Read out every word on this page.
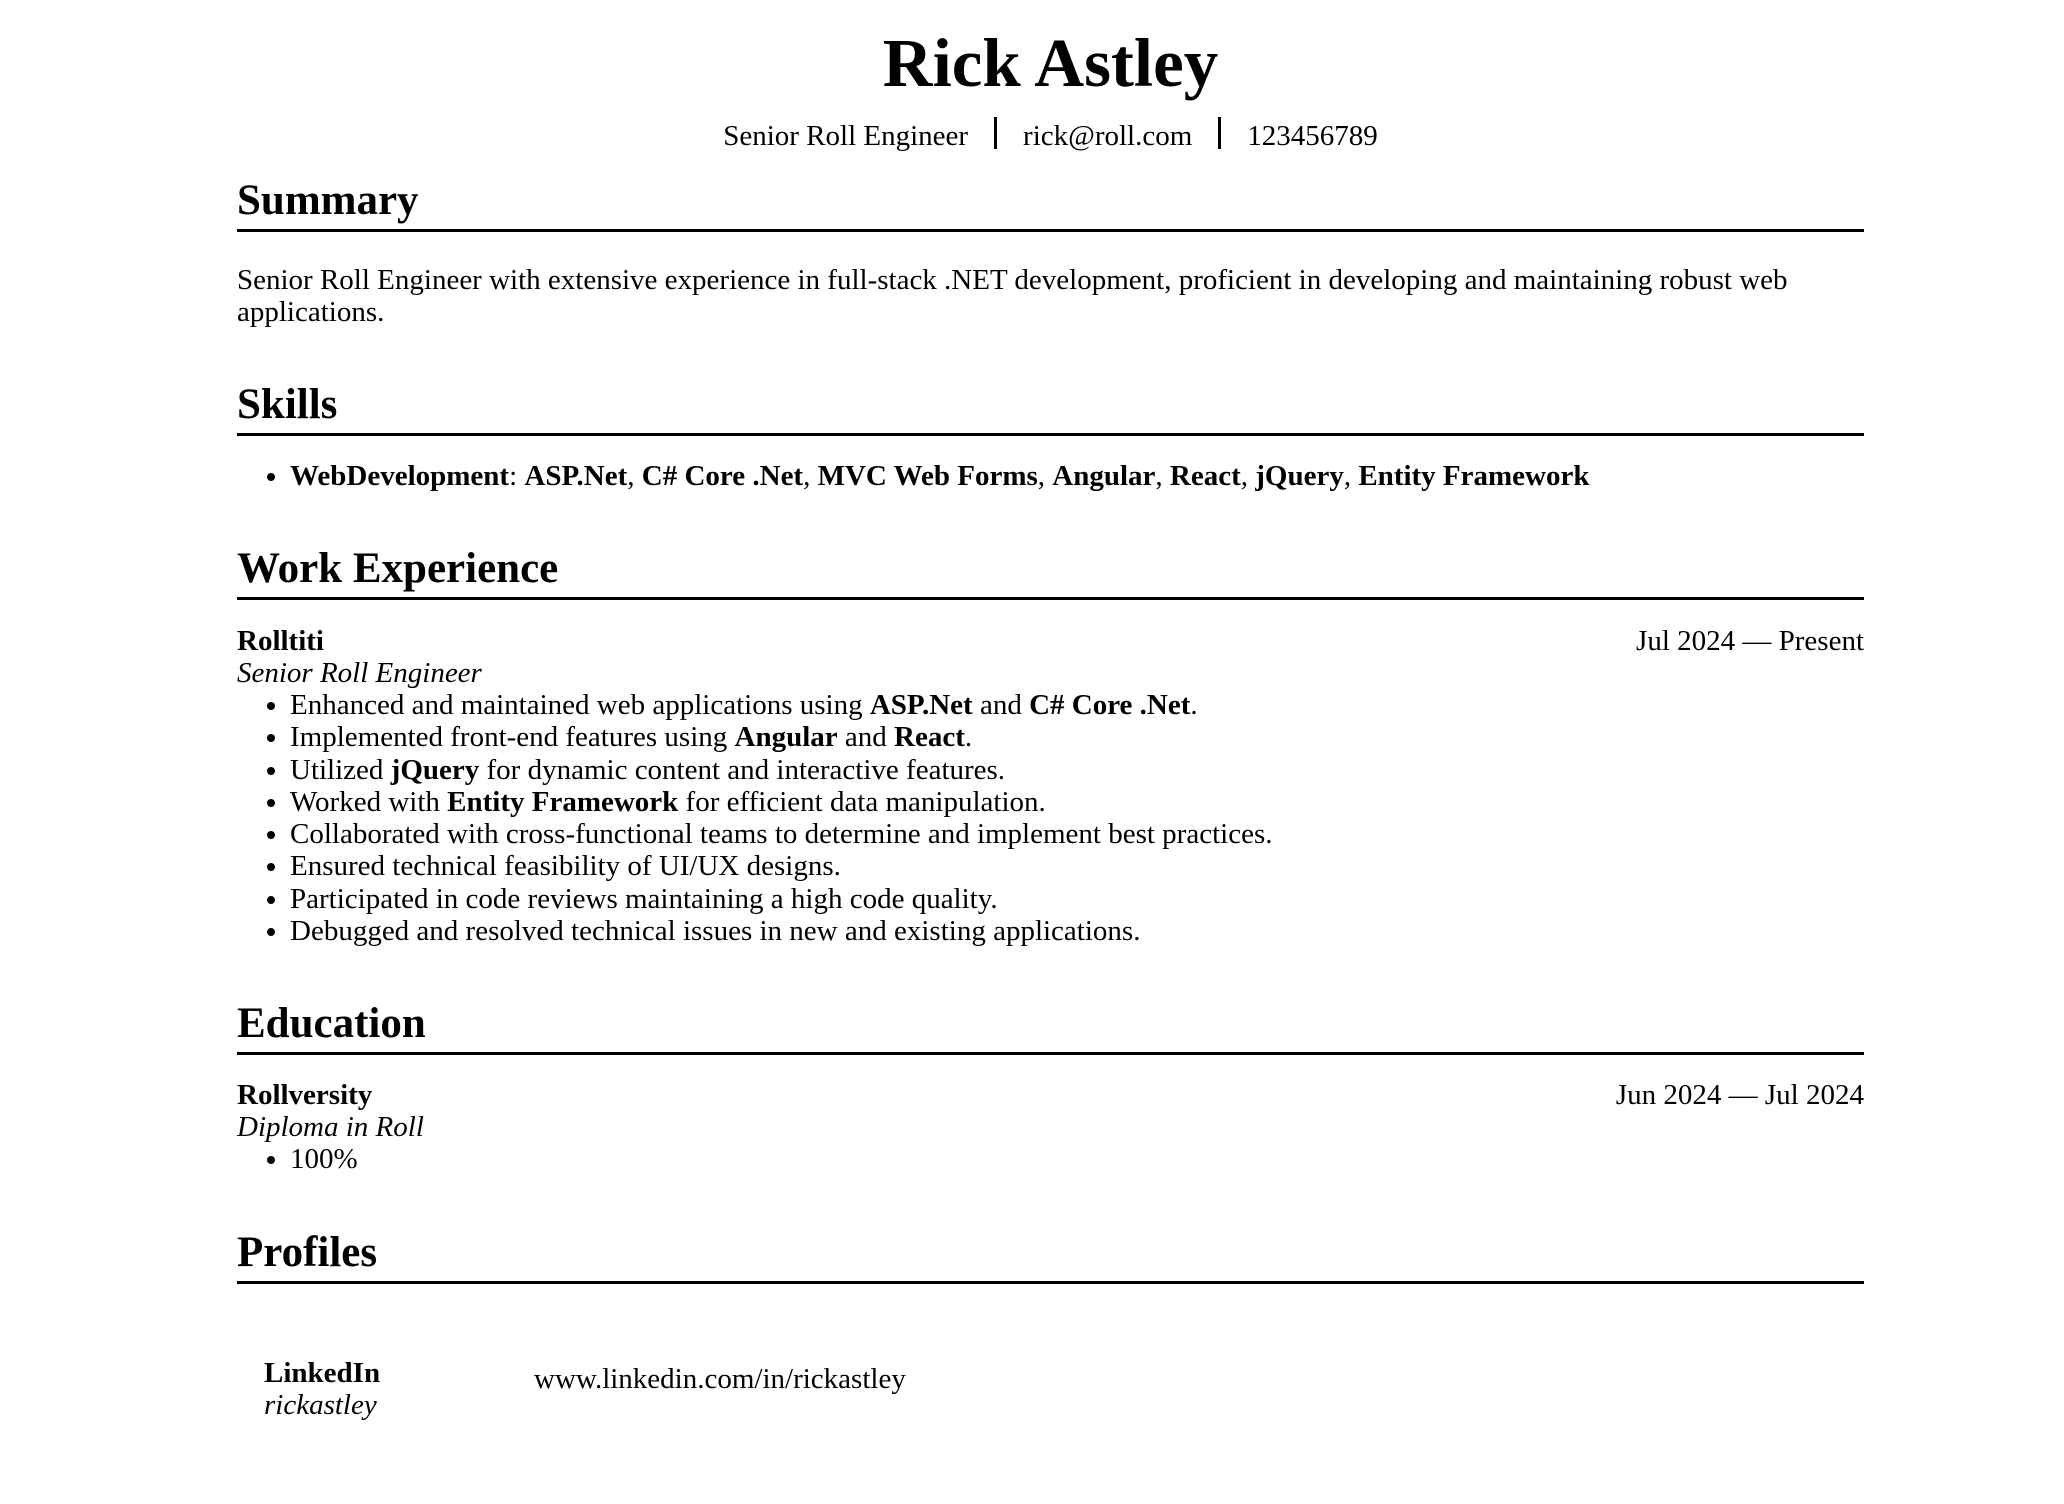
Rick Astley
Senior Roll Engineer rick@roll.com 123456789
Summary
Senior Roll Engineer with extensive experience in full-stack .NET development, proficient in developing and maintaining robust web applications.
Skills
• WebDevelopment: ASP.Net, C# Core .Net, MVC Web Forms, Angular, React, jQuery, Entity Framework
Work Experience
Rolltiti	Jul 2024 — Present
Senior Roll Engineer
• Enhanced and maintained web applications using ASP.Net and C# Core .Net.
• Implemented front-end features using Angular and React.
• Utilized jQuery for dynamic content and interactive features.
• Worked with Entity Framework for efficient data manipulation.
• Collaborated with cross-functional teams to determine and implement best practices.
• Ensured technical feasibility of UI/UX designs.
• Participated in code reviews maintaining a high code quality.
• Debugged and resolved technical issues in new and existing applications.
Education
Rollversity	Jun 2024 — Jul 2024
Diploma in Roll
• 100%
Profiles
LinkedIn
rickastley
www.linkedin.com/in/rickastley
